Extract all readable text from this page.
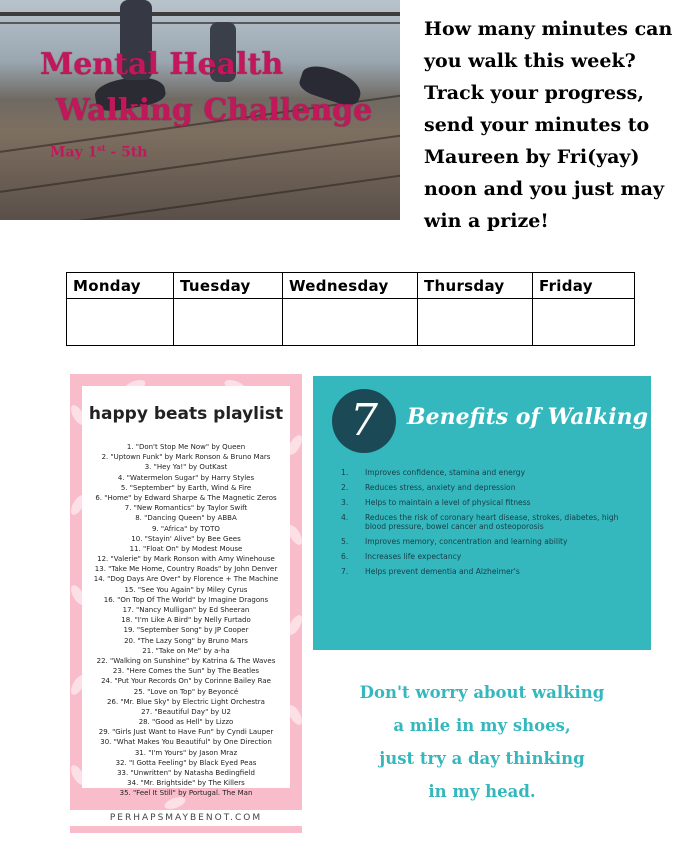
Mental Health
Walking Challenge
May 1st - 5th
How many minutes can you walk this week? Track your progress, send your minutes to Maureen by Fri(yay) noon and you just may win a prize!
Monday	Tuesday	Wednesday	Thursday	Friday

happy beats playlist
1. "Don't Stop Me Now" by Queen
2. "Uptown Funk" by Mark Ronson & Bruno Mars
3. "Hey Ya!" by OutKast
4. "Watermelon Sugar" by Harry Styles
5. "September" by Earth, Wind & Fire
6. "Home" by Edward Sharpe & The Magnetic Zeros
7. "New Romantics" by Taylor Swift
8. "Dancing Queen" by ABBA
9. "Africa" by TOTO
10. "Stayin' Alive" by Bee Gees
11. "Float On" by Modest Mouse
12. "Valerie" by Mark Ronson with Amy Winehouse
13. "Take Me Home, Country Roads" by John Denver
14. "Dog Days Are Over" by Florence + The Machine
15. "See You Again" by Miley Cyrus
16. "On Top Of The World" by Imagine Dragons
17. "Nancy Mulligan" by Ed Sheeran
18. "I'm Like A Bird" by Nelly Furtado
19. "September Song" by JP Cooper
20. "The Lazy Song" by Bruno Mars
21. "Take on Me" by a-ha
22. "Walking on Sunshine" by Katrina & The Waves
23. "Here Comes the Sun" by The Beatles
24. "Put Your Records On" by Corinne Bailey Rae
25. "Love on Top" by Beyoncé
26. "Mr. Blue Sky" by Electric Light Orchestra
27. "Beautiful Day" by U2
28. "Good as Hell" by Lizzo
29. "Girls Just Want to Have Fun" by Cyndi Lauper
30. "What Makes You Beautiful" by One Direction
31. "I'm Yours" by Jason Mraz
32. "I Gotta Feeling" by Black Eyed Peas
33. "Unwritten" by Natasha Bedingfield
34. "Mr. Brightside" by The Killers
35. "Feel It Still" by Portugal. The Man
PERHAPSMAYBENOT.COM
7	Benefits of Walking
1. Improves confidence, stamina and energy
2. Reduces stress, anxiety and depression
3. Helps to maintain a level of physical fitness
4. Reduces the risk of coronary heart disease, strokes, diabetes, high blood pressure, bowel cancer and osteoporosis
5. Improves memory, concentration and learning ability
6. Increases life expectancy
7. Helps prevent dementia and Alzheimer's
Don't worry about walking
a mile in my shoes,
just try a day thinking
in my head.
